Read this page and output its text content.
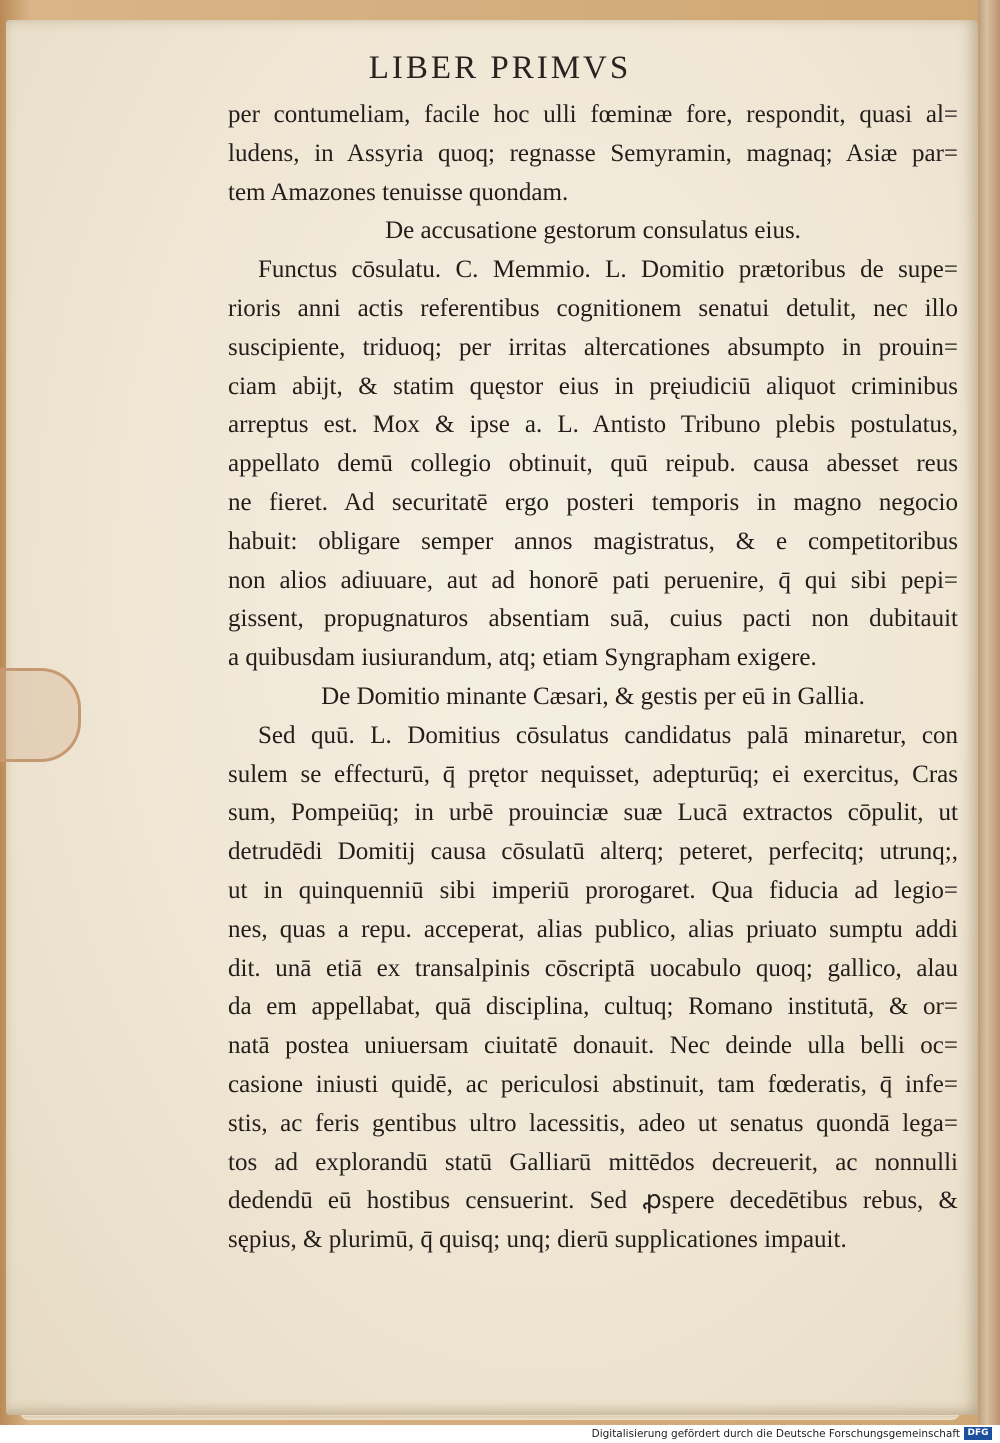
LIBER PRIMVS
per contumeliam, facile hoc ulli fœminæ fore, respondit, quasi al=
ludens, in Assyria quoq; regnasse Semyramin, magnaq; Asiæ par=
tem Amazones tenuisse quondam.
De accusatione gestorum consulatus eius.
Functus cōsulatu. C. Memmio. L. Domitio prætoribus de supe=
rioris anni actis referentibus cognitionem senatui detulit, nec illo
suscipiente, triduoq; per irritas altercationes absumpto in prouin=
ciam abijt, & statim quęstor eius in pręiudiciū aliquot criminibus
arreptus est. Mox & ipse a. L. Antisto Tribuno plebis postulatus,
appellato demū collegio obtinuit, quū reipub. causa abesset reus
ne fieret. Ad securitatē ergo posteri temporis in magno negocio
habuit: obligare semper annos magistratus, & e competitoribus
non alios adiuuare, aut ad honorē pati peruenire, q̄ qui sibi pepi=
gissent, propugnaturos absentiam suā, cuius pacti non dubitauit
a quibusdam iusiurandum, atq; etiam Syngrapham exigere.
De Domitio minante Cæsari, & gestis per eū in Gallia.
Sed quū. L. Domitius cōsulatus candidatus palā minaretur, con
sulem se effecturū, q̄ prętor nequisset, adepturūq; ei exercitus, Cras
sum, Pompeiūq; in urbē prouinciæ suæ Lucā extractos cōpulit, ut
detrudēdi Domitij causa cōsulatū alterq; peteret, perfecitq; utrunq;,
ut in quinquenniū sibi imperiū prorogaret. Qua fiducia ad legio=
nes, quas a repu. acceperat, alias publico, alias priuato sumptu addi
dit. unā etiā ex transalpinis cōscriptā uocabulo quoq; gallico, alau
da em appellabat, quā disciplina, cultuq; Romano institutā, & or=
natā postea uniuersam ciuitatē donauit. Nec deinde ulla belli oc=
casione iniusti quidē, ac periculosi abstinuit, tam fœderatis, q̄ infe=
stis, ac feris gentibus ultro lacessitis, adeo ut senatus quondā lega=
tos ad explorandū statū Galliarū mittēdos decreuerit, ac nonnulli
dedendū eū hostibus censuerint. Sed ꝓspere decedētibus rebus, &
sępius, & plurimū, q̄ quisq; unq; dierū supplicationes impauit.
Digitalisierung gefördert durch die Deutsche Forschungsgemeinschaft DFG
